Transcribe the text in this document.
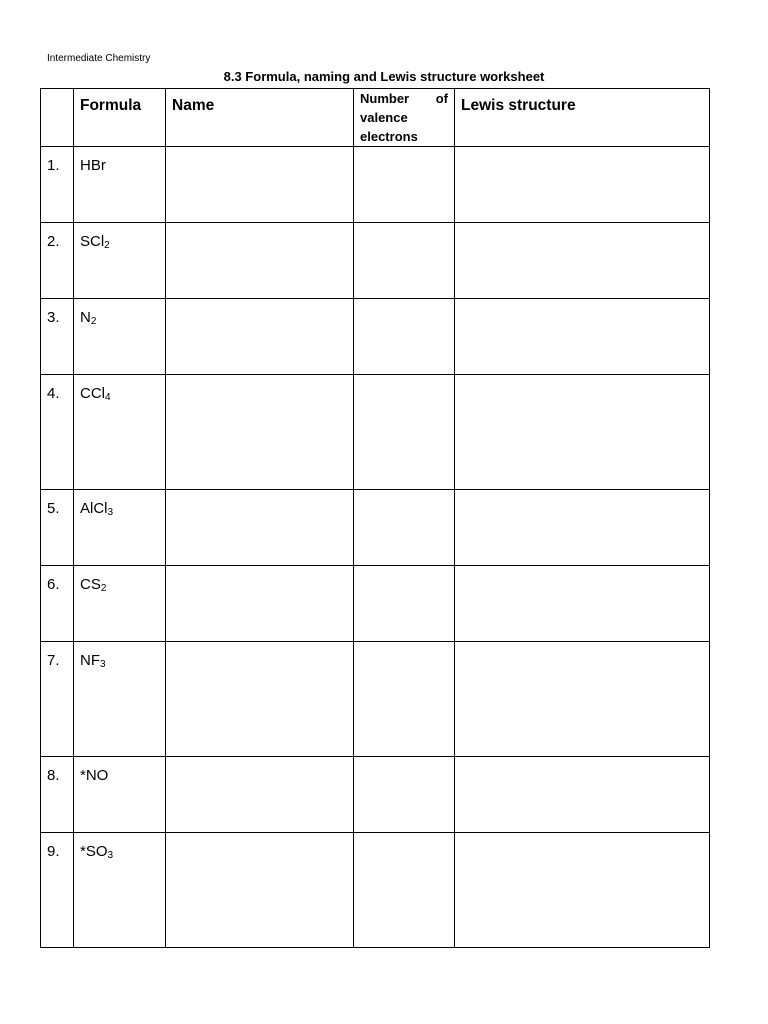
Intermediate Chemistry
8.3 Formula, naming and Lewis structure worksheet

	Formula	Name	Number of valence electrons	Lewis structure

1.	HBr			

2.	SCl$_2$

3.	$N_2$

4.	CCl$_4$

5.	AlCl$_3$

6.	$CS_2$

7.	$NF_3$

8.	*NO			

9.	$*SO_3$
